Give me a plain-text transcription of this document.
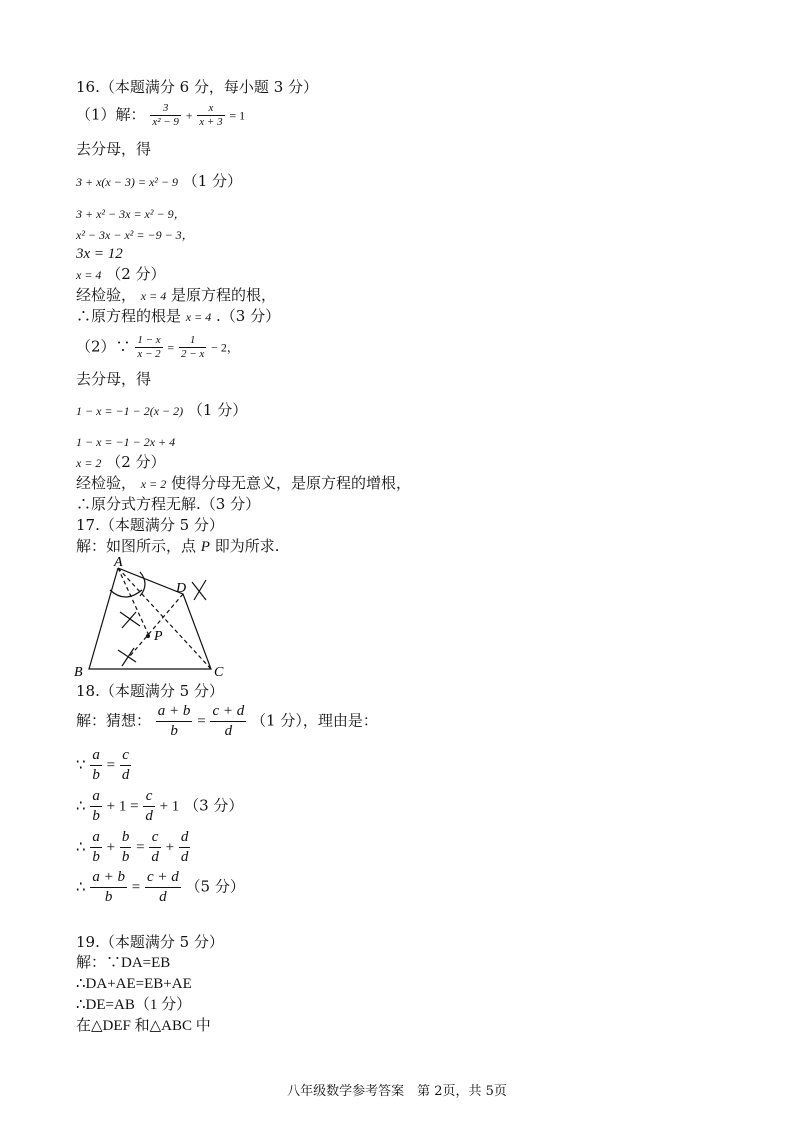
16.（本题满分 6 分，每小题 3 分）
（1）解： $\frac{3}{\text{x² − 9}} + \frac{x}{x + 3} = 1$
去分母，得
3 + x(x − 3) = x² − 9 （1 分）
3 + x² − 3x = x² − 9，
x² − 3x − x² = −9 − 3，
3x = 12
x = 4 （2 分）
经检验， x = 4 是原方程的根，
∴原方程的根是 x = 4 .（3 分）
（2）∵ $\frac{1 - x}{x - 2} = \frac{1}{2 - x} - 2$，
去分母，得
1 − x = −1 − 2(x − 2) （1 分）
1 − x = −1 − 2x + 4
x = 2 （2 分）
经检验， x = 2 使得分母无意义，是原方程的增根，
∴原分式方程无解.（3 分）
17.（本题满分 5 分）
解：如图所示，点 P 即为所求.
A
B	C
D
P
18.（本题满分 5 分）
解：猜想： $\frac{a + b}{b} = \frac{c + d}{d} (1$ 分），理由是：
∵ $\frac{a}{b} = \frac{c}{d}$
∴ $\frac{a}{b} + 1 = \frac{c}{d} + 1$ （3 分）
∴ $\frac{a}{b} + \frac{b}{b} = \frac{c}{d} + \frac{d}{d}$
∴ $\frac{a + b}{b} = \frac{c + d}{d} (5$ 分）
19.（本题满分 5 分）
解：∵DA=EB
∴DA+AE=EB+AE
∴DE=AB（1 分）
在△DEF 和△ABC 中
八年级数学参考答案　第 2页，共 5页
